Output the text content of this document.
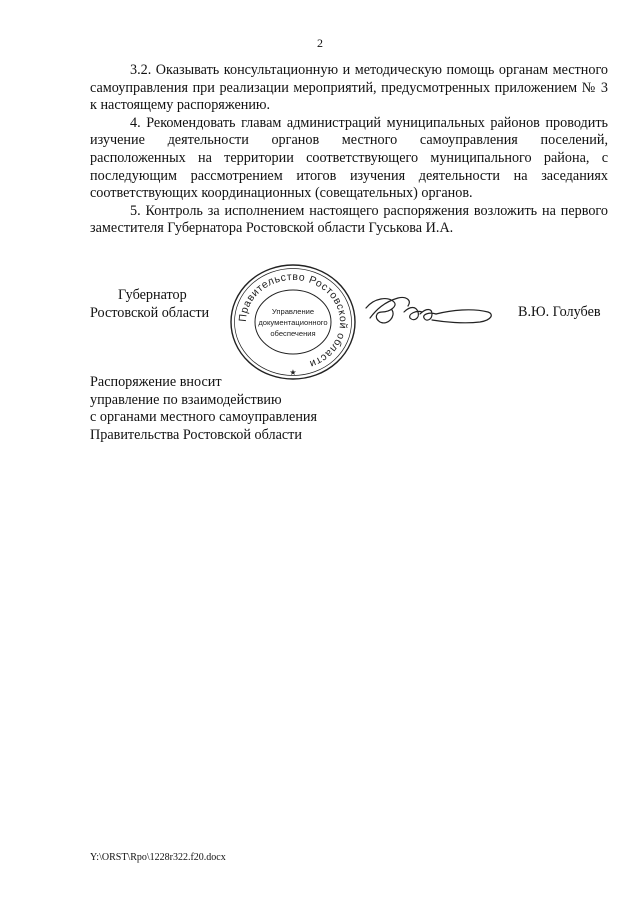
2

3.2. Оказывать консультационную и методическую помощь органам местного самоуправления при реализации мероприятий, предусмотренных приложением № 3 к настоящему распоряжению.

4. Рекомендовать главам администраций муниципальных районов проводить изучение деятельности органов местного самоуправления поселений, расположенных на территории соответствующего муниципального района, с последующим рассмотрением итогов изучения деятельности на заседаниях соответствующих координационных (совещательных) органов.

5. Контроль за исполнением настоящего распоряжения возложить на первого заместителя Губернатора Ростовской области Гуськова И.А.

Губернатор
Ростовской области	Правительство Ростовской области
Управление
документационного
обеспечения
★
В.Ю. Голубев
Распоряжение вносит
управление по взаимодействию
с органами местного самоуправления
Правительства Ростовской области
Y:\ORST\Rpo\1228r322.f20.docx
